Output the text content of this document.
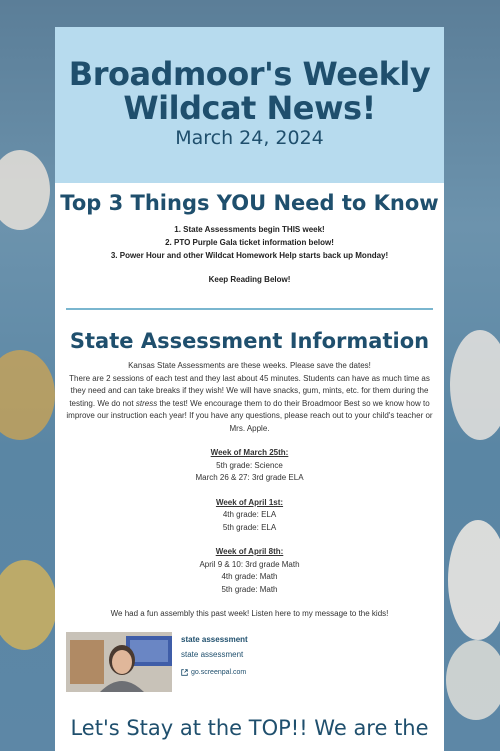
Broadmoor's Weekly Wildcat News!
March 24, 2024
Top 3 Things YOU Need to Know
1. State Assessments begin THIS week!
2. PTO Purple Gala ticket information below!
3. Power Hour and other Wildcat Homework Help starts back up Monday!
Keep Reading Below!
State Assessment Information
Kansas State Assessments are these weeks. Please save the dates!
There are 2 sessions of each test and they last about 45 minutes. Students can have as much time as they need and can take breaks if they wish! We will have snacks, gum, mints, etc. for them during the testing. We do not stress the test! We encourage them to do their Broadmoor Best so we know how to improve our instruction each year! If you have any questions, please reach out to your child's teacher or Mrs. Apple.
Week of March 25th:
5th grade: Science
March 26 & 27: 3rd grade ELA
Week of April 1st:
4th grade: ELA
5th grade: ELA
Week of April 8th:
April 9 & 10: 3rd grade Math
4th grade: Math
5th grade: Math
We had a fun assembly this past week! Listen here to my message to the kids!
state assessment
state assessment
go.screenpal.com
Let's Stay at the TOP!! We are the
